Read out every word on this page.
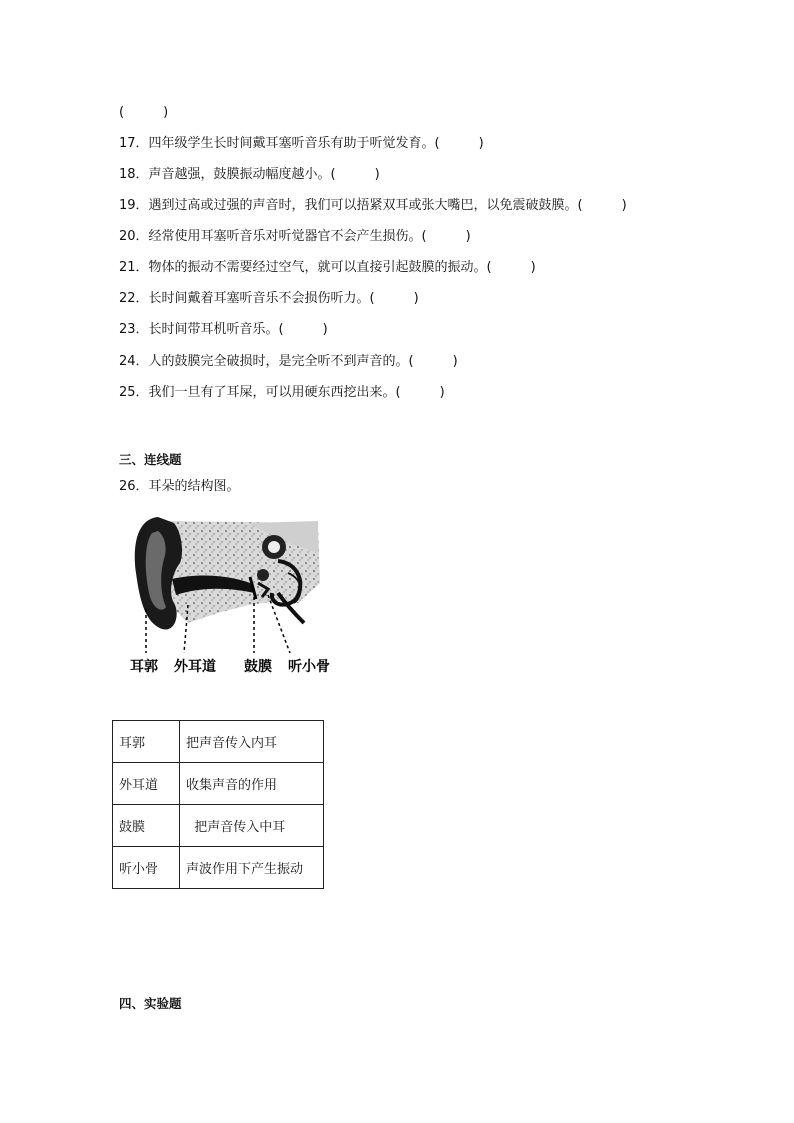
(　　　)
17．四年级学生长时间戴耳塞听音乐有助于听觉发育。(　　　)
18．声音越强，鼓膜振动幅度越小。(　　　)
19．遇到过高或过强的声音时，我们可以捂紧双耳或张大嘴巴，以免震破鼓膜。(　　　)
20．经常使用耳塞听音乐对听觉器官不会产生损伤。(　　　)
21．物体的振动不需要经过空气，就可以直接引起鼓膜的振动。(　　　)
22．长时间戴着耳塞听音乐不会损伤听力。(　　　)
23．长时间带耳机听音乐。(　　　)
24．人的鼓膜完全破损时，是完全听不到声音的。(　　　)
25．我们一旦有了耳屎，可以用硬东西挖出来。(　　　)
三、连线题
26．耳朵的结构图。
耳郭 外耳道 鼓膜 听小骨
耳郭	把声音传入内耳
外耳道	收集声音的作用
鼓膜	把声音传入中耳
听小骨	声波作用下产生振动
四、实验题
